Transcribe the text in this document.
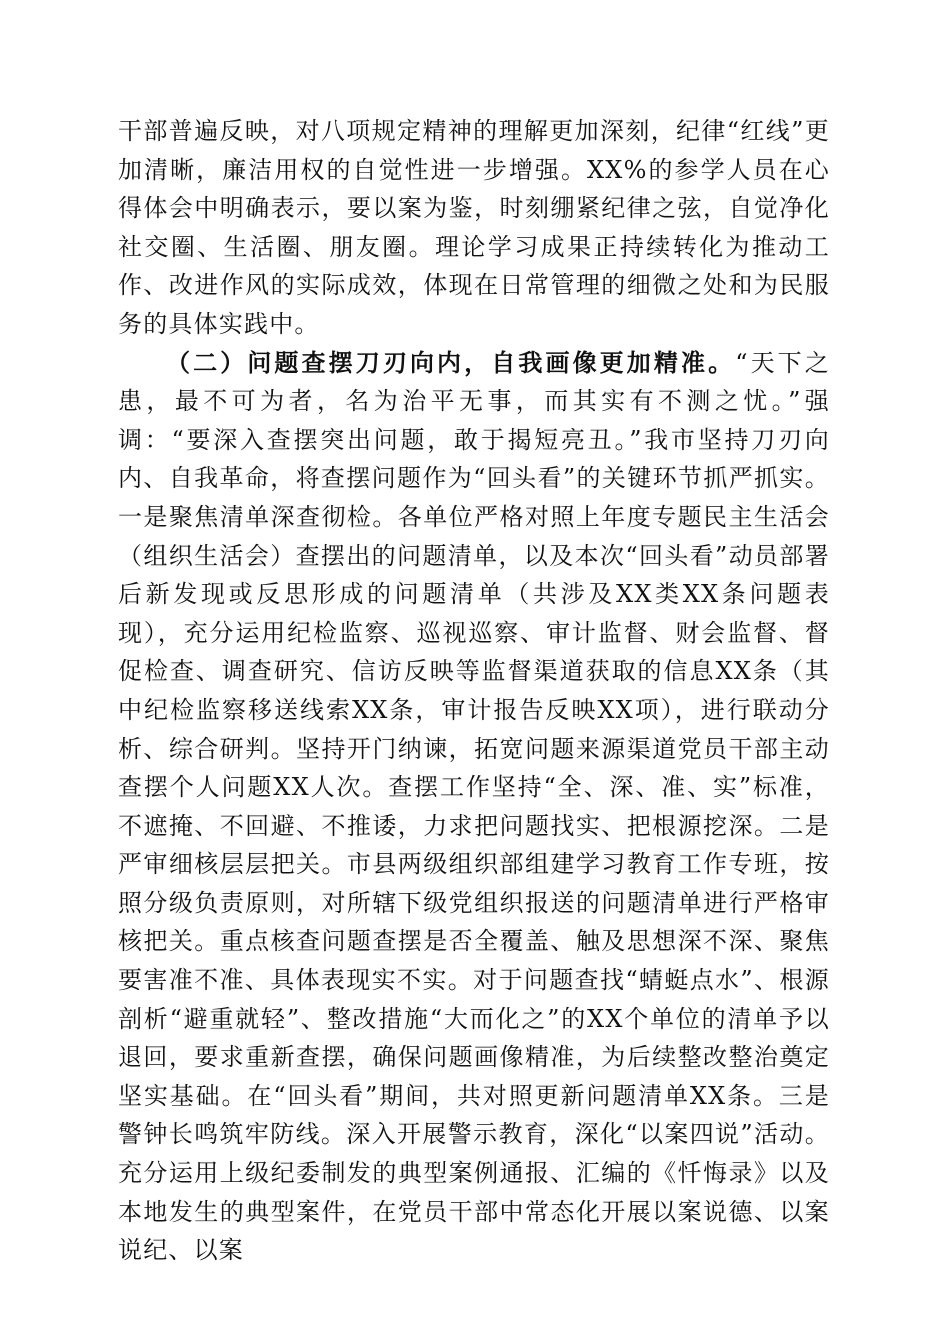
干部普遍反映，对八项规定精神的理解更加深刻，纪律“红线”更加清晰，廉洁用权的自觉性进一步增强。XX%的参学人员在心得体会中明确表示，要以案为鉴，时刻绷紧纪律之弦，自觉净化社交圈、生活圈、朋友圈。理论学习成果正持续转化为推动工作、改进作风的实际成效，体现在日常管理的细微之处和为民服务的具体实践中。

（二）问题查摆刀刃向内，自我画像更加精准。“天下之患，最不可为者，名为治平无事，而其实有不测之忧。”强调：“要深入查摆突出问题，敢于揭短亮丑。”我市坚持刀刃向内、自我革命，将查摆问题作为“回头看”的关键环节抓严抓实。一是聚焦清单深查彻检。各单位严格对照上年度专题民主生活会（组织生活会）查摆出的问题清单，以及本次“回头看”动员部署后新发现或反思形成的问题清单（共涉及XX类XX条问题表现），充分运用纪检监察、巡视巡察、审计监督、财会监督、督促检查、调查研究、信访反映等监督渠道获取的信息XX条（其中纪检监察移送线索XX条，审计报告反映XX项），进行联动分析、综合研判。坚持开门纳谏，拓宽问题来源渠道党员干部主动查摆个人问题XX人次。查摆工作坚持“全、深、准、实”标准，不遮掩、不回避、不推诿，力求把问题找实、把根源挖深。二是严审细核层层把关。市县两级组织部组建学习教育工作专班，按照分级负责原则，对所辖下级党组织报送的问题清单进行严格审核把关。重点核查问题查摆是否全覆盖、触及思想深不深、聚焦要害准不准、具体表现实不实。对于问题查找“蜻蜓点水”、根源剖析“避重就轻”、整改措施“大而化之”的XX个单位的清单予以退回，要求重新查摆，确保问题画像精准，为后续整改整治奠定坚实基础。在“回头看”期间，共对照更新问题清单XX条。三是警钟长鸣筑牢防线。深入开展警示教育，深化“以案四说”活动。充分运用上级纪委制发的典型案例通报、汇编的《忏悔录》以及本地发生的典型案件，在党员干部中常态化开展以案说德、以案说纪、以案
